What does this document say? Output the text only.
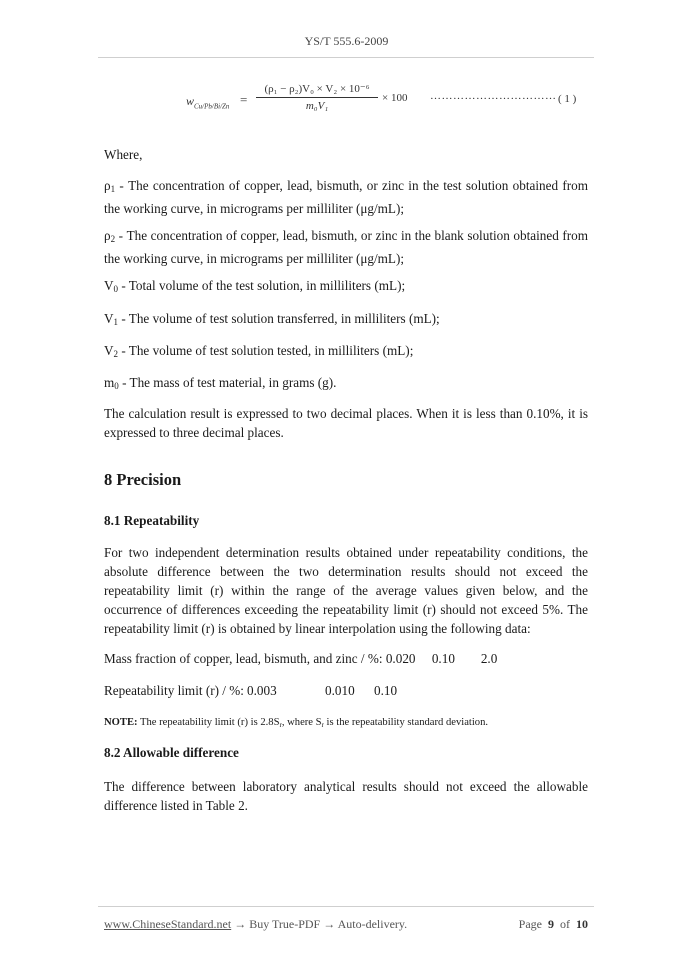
YS/T 555.6-2009
$w_{Cu/Pb/Bi/Zn}$ =
(ρ₁ − ρ₂)V₀ × V₂ × 10⁻⁶
m₀V₁
× 100 …………………………… ( 1 )

Where,

$\rho_1$ - The concentration of copper, lead, bismuth, or zinc in the test solution obtained from the working curve, in micrograms per milliliter (μg/mL);

$\rho_2$ - The concentration of copper, lead, bismuth, or zinc in the blank solution obtained from the working curve, in micrograms per milliliter (μg/mL);

$V_0$ - Total volume of the test solution, in milliliters (mL);

$V_1$ - The volume of test solution transferred, in milliliters (mL);

$V_2$ - The volume of test solution tested, in milliliters (mL);

$m_0$ - The mass of test material, in grams (g).

The calculation result is expressed to two decimal places. When it is less than 0.10%, it is expressed to three decimal places.

8 Precision
8.1 Repeatability

For two independent determination results obtained under repeatability conditions, the absolute difference between the two determination results should not exceed the repeatability limit (r) within the range of the average values given below, and the occurrence of differences exceeding the repeatability limit (r) should not exceed 5%. The repeatability limit (r) is obtained by linear interpolation using the following data:

Mass fraction of copper, lead, bismuth, and zinc / %: 0.020 0.10 2.0

Repeatability limit (r) / %: 0.003	0.010 0.10

NOTE: The repeatability limit (r) is $2.8S_r$, where $S_r$ is the repeatability standard deviation.

8.2 Allowable difference

The difference between laboratory analytical results should not exceed the allowable difference listed in Table 2.

www.ChineseStandard.net → Buy True-PDF → Auto-delivery.	Page 9 of 10
